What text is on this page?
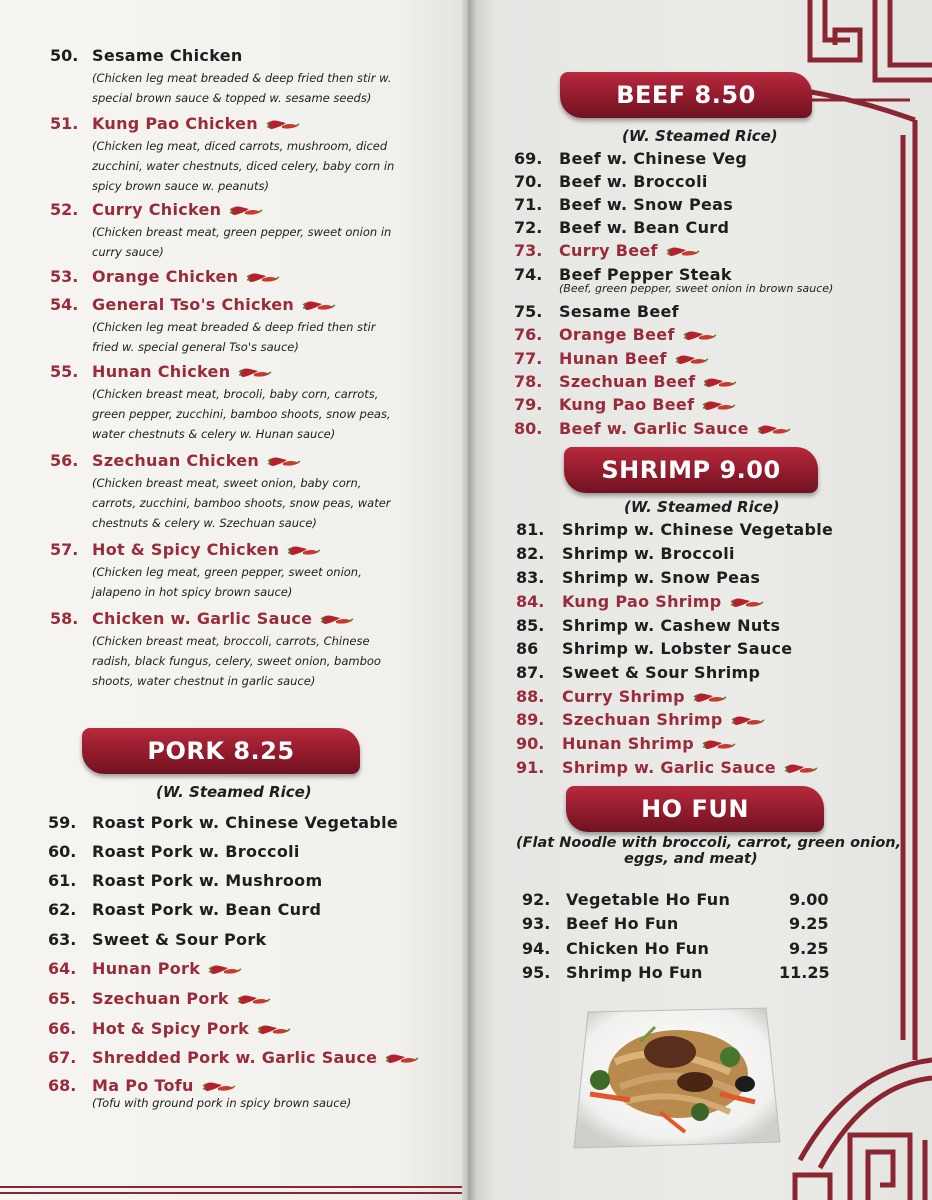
50. Sesame Chicken
(Chicken leg meat breaded & deep fried then stir w. special brown sauce & topped w. sesame seeds)
51. Kung Pao Chicken
(Chicken leg meat, diced carrots, mushroom, diced zucchini, water chestnuts, diced celery, baby corn in spicy brown sauce w. peanuts)
52. Curry Chicken
(Chicken breast meat, green pepper, sweet onion in curry sauce)
53. Orange Chicken
54. General Tso's Chicken
(Chicken leg meat breaded & deep fried then stir fried w. special general Tso's sauce)
55. Hunan Chicken
(Chicken breast meat, brocoli, baby corn, carrots, green pepper, zucchini, bamboo shoots, snow peas, water chestnuts & celery w. Hunan sauce)
56. Szechuan Chicken
(Chicken breast meat, sweet onion, baby corn, carrots, zucchini, bamboo shoots, snow peas, water chestnuts & celery w. Szechuan sauce)
57. Hot & Spicy Chicken
(Chicken leg meat, green pepper, sweet onion, jalapeno in hot spicy brown sauce)
58. Chicken w. Garlic Sauce
(Chicken breast meat, broccoli, carrots, Chinese radish, black fungus, celery, sweet onion, bamboo shoots, water chestnut in garlic sauce)
PORK 8.25
(W. Steamed Rice)
59. Roast Pork w. Chinese Vegetable
60. Roast Pork w. Broccoli
61. Roast Pork w. Mushroom
62. Roast Pork w. Bean Curd
63. Sweet & Sour Pork
64. Hunan Pork
65. Szechuan Pork
66. Hot & Spicy Pork
67. Shredded Pork w. Garlic Sauce
68. Ma Po Tofu
(Tofu with ground pork in spicy brown sauce)
BEEF 8.50
(W. Steamed Rice)
69. Beef w. Chinese Veg
70. Beef w. Broccoli
71. Beef w. Snow Peas
72. Beef w. Bean Curd
73. Curry Beef
74. Beef Pepper Steak
(Beef, green pepper, sweet onion in brown sauce)
75. Sesame Beef
76. Orange Beef
77. Hunan Beef
78. Szechuan Beef
79. Kung Pao Beef
80. Beef w. Garlic Sauce
SHRIMP 9.00
(W. Steamed Rice)
81. Shrimp w. Chinese Vegetable
82. Shrimp w. Broccoli
83. Shrimp w. Snow Peas
84. Kung Pao Shrimp
85. Shrimp w. Cashew Nuts
86 Shrimp w. Lobster Sauce
87. Sweet & Sour Shrimp
88. Curry Shrimp
89. Szechuan Shrimp
90. Hunan Shrimp
91. Shrimp w. Garlic Sauce
HO FUN
(Flat Noodle with broccoli, carrot, green onion,
eggs, and meat)
92. Vegetable Ho Fun	9.00
93. Beef Ho Fun	9.25
94. Chicken Ho Fun	9.25
95. Shrimp Ho Fun	11.25
